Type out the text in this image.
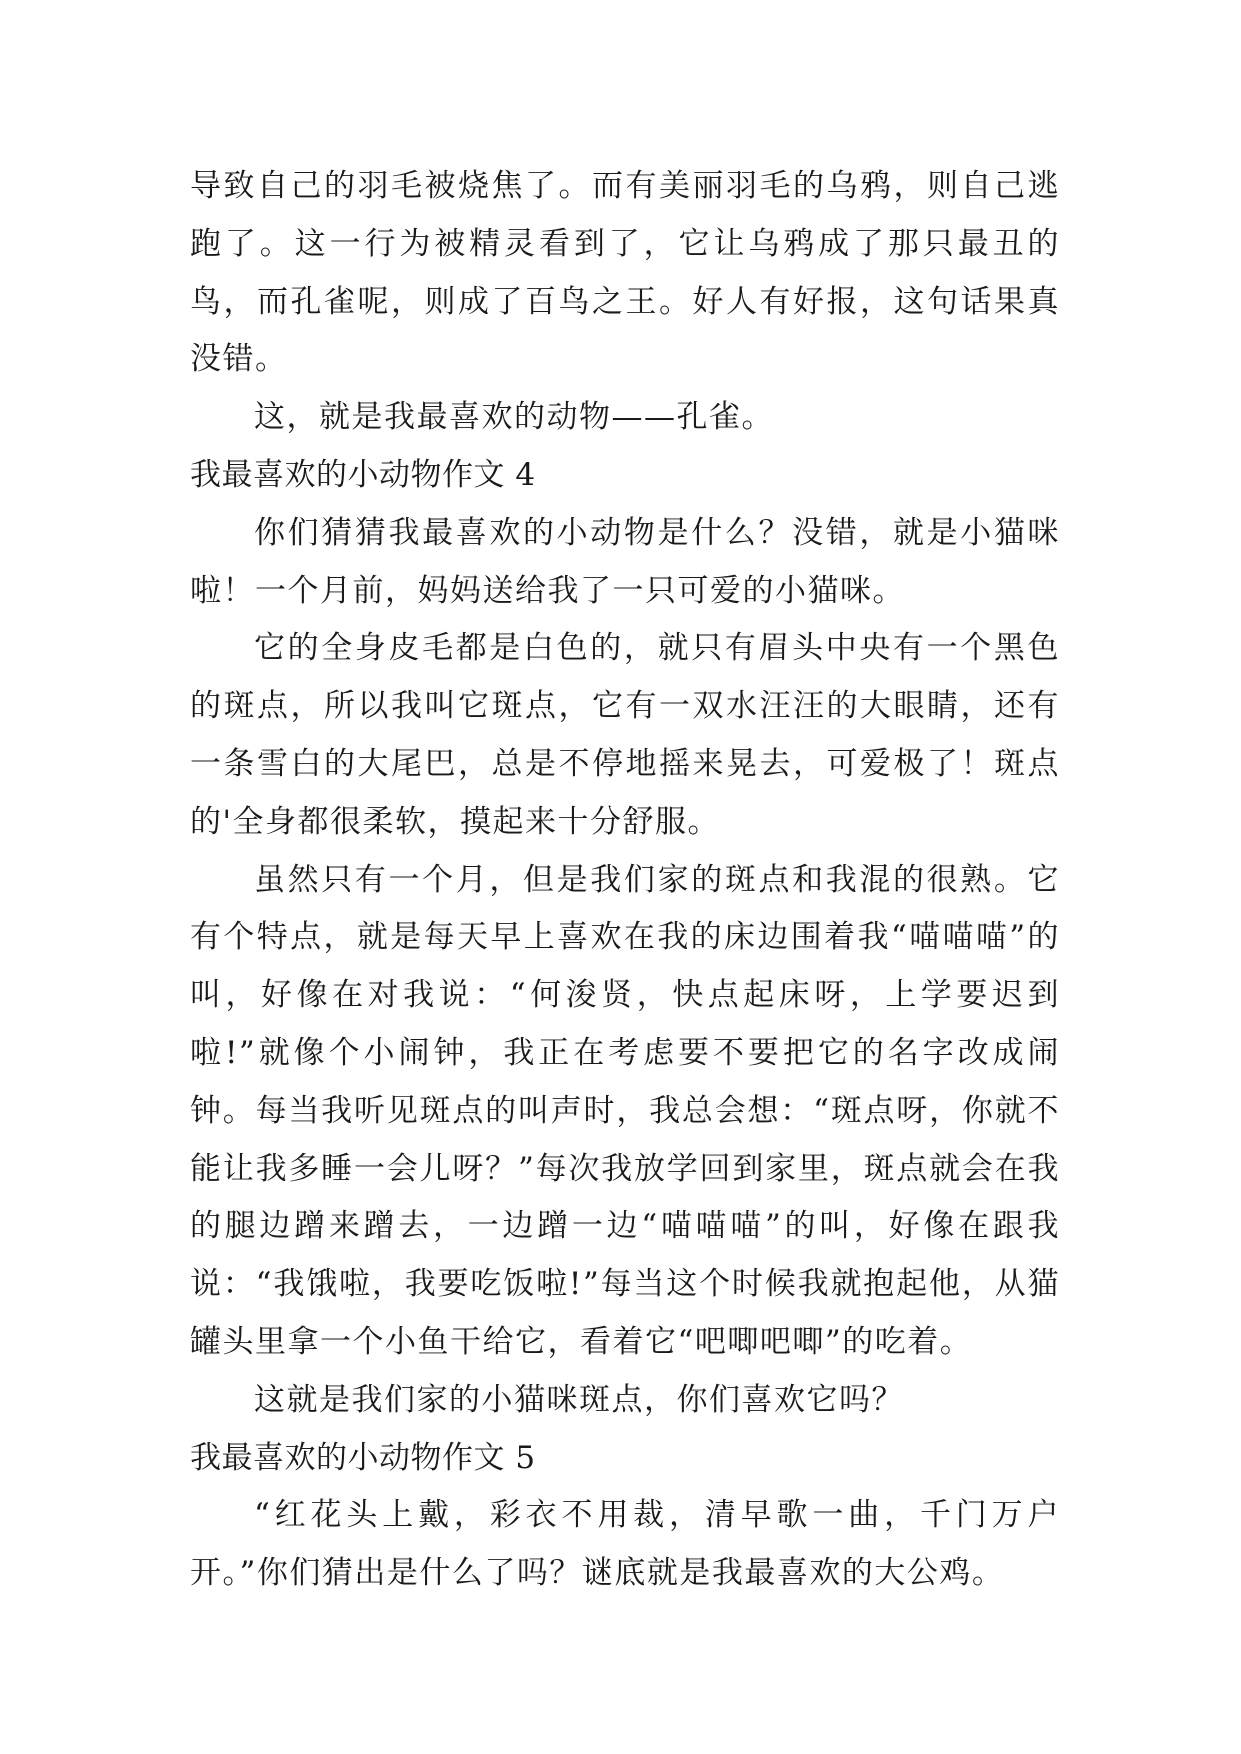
导致自己的羽毛被烧焦了。而有美丽羽毛的乌鸦，则自己逃跑了。这一行为被精灵看到了，它让乌鸦成了那只最丑的鸟，而孔雀呢，则成了百鸟之王。好人有好报，这句话果真没错。

这，就是我最喜欢的动物——孔雀。

我最喜欢的小动物作文 4

你们猜猜我最喜欢的小动物是什么？没错，就是小猫咪啦！一个月前，妈妈送给我了一只可爱的小猫咪。

它的全身皮毛都是白色的，就只有眉头中央有一个黑色的斑点，所以我叫它斑点，它有一双水汪汪的大眼睛，还有一条雪白的大尾巴，总是不停地摇来晃去，可爱极了！斑点的'全身都很柔软，摸起来十分舒服。

虽然只有一个月，但是我们家的斑点和我混的很熟。它有个特点，就是每天早上喜欢在我的床边围着我“喵喵喵”的叫，好像在对我说：“何浚贤，快点起床呀，上学要迟到啦!”就像个小闹钟，我正在考虑要不要把它的名字改成闹钟。每当我听见斑点的叫声时，我总会想：“斑点呀，你就不能让我多睡一会儿呀？”每次我放学回到家里，斑点就会在我的腿边蹭来蹭去，一边蹭一边“喵喵喵”的叫，好像在跟我说：“我饿啦，我要吃饭啦!”每当这个时候我就抱起他，从猫罐头里拿一个小鱼干给它，看着它“吧唧吧唧”的吃着。

这就是我们家的小猫咪斑点，你们喜欢它吗？

我最喜欢的小动物作文 5

“红花头上戴，彩衣不用裁，清早歌一曲，千门万户开。”你们猜出是什么了吗？谜底就是我最喜欢的大公鸡。
